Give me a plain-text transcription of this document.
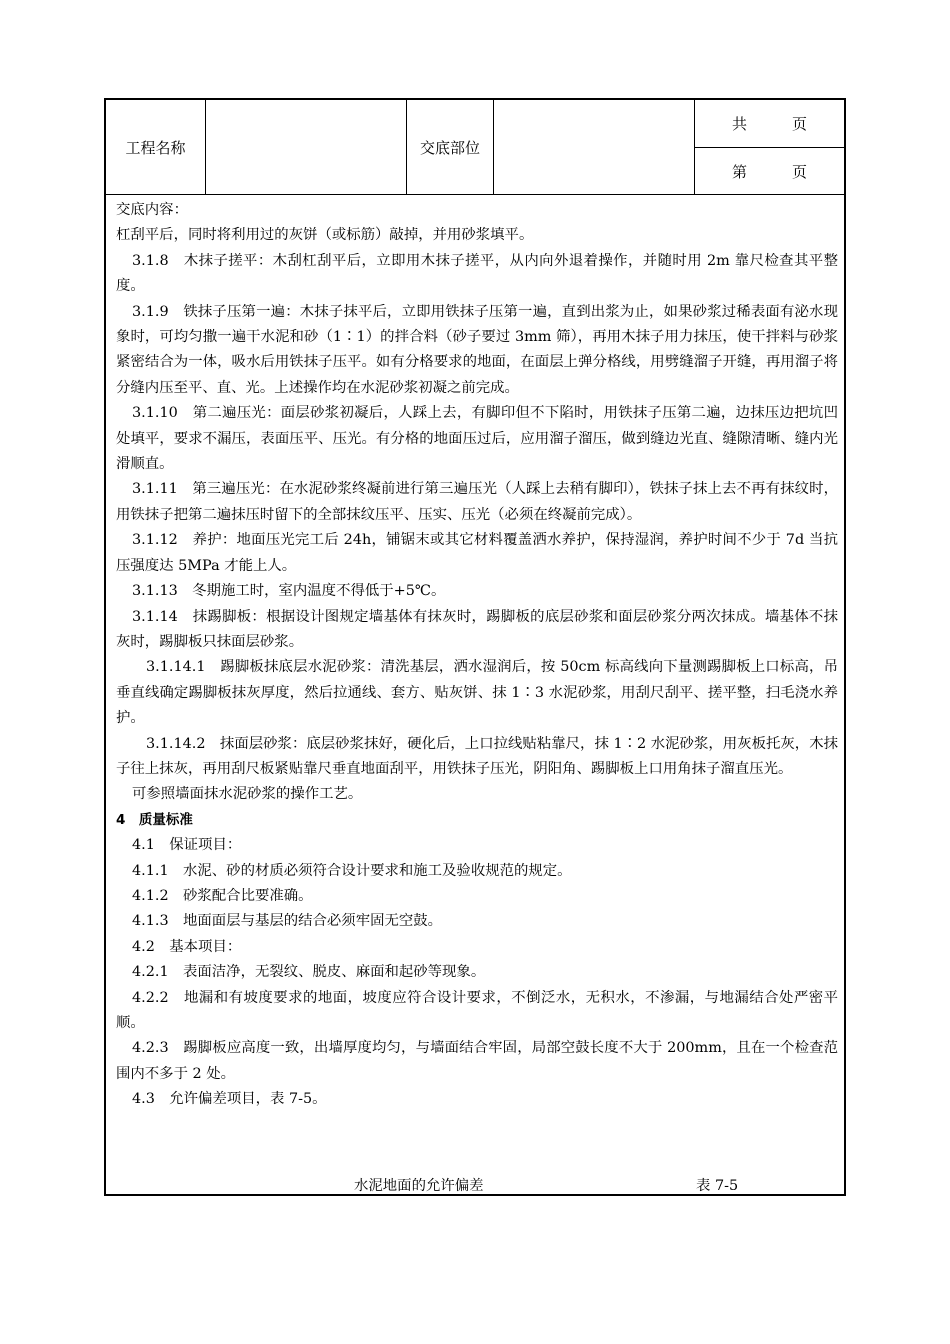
工程名称	交底部位
共　　　页
第　　　页

交底内容：

杠刮平后，同时将利用过的灰饼（或标筋）敲掉，并用砂浆填平。

3.1.8　木抹子搓平：木刮杠刮平后，立即用木抹子搓平，从内向外退着操作，并随时用 2m 靠尺检查其平整度。

3.1.9　铁抹子压第一遍：木抹子抹平后，立即用铁抹子压第一遍，直到出浆为止，如果砂浆过稀表面有泌水现象时，可均匀撒一遍干水泥和砂（1∶1）的拌合料（砂子要过 3mm 筛），再用木抹子用力抹压，使干拌料与砂浆紧密结合为一体，吸水后用铁抹子压平。如有分格要求的地面，在面层上弹分格线，用劈缝溜子开缝，再用溜子将分缝内压至平、直、光。上述操作均在水泥砂浆初凝之前完成。

3.1.10　第二遍压光：面层砂浆初凝后，人踩上去，有脚印但不下陷时，用铁抹子压第二遍，边抹压边把坑凹处填平，要求不漏压，表面压平、压光。有分格的地面压过后，应用溜子溜压，做到缝边光直、缝隙清晰、缝内光滑顺直。

3.1.11　第三遍压光：在水泥砂浆终凝前进行第三遍压光（人踩上去稍有脚印），铁抹子抹上去不再有抹纹时，用铁抹子把第二遍抹压时留下的全部抹纹压平、压实、压光（必须在终凝前完成）。

3.1.12　养护：地面压光完工后 24h，铺锯末或其它材料覆盖洒水养护，保持湿润，养护时间不少于 7d 当抗压强度达 5MPa 才能上人。

3.1.13　冬期施工时，室内温度不得低于+5℃。

3.1.14　抹踢脚板：根据设计图规定墙基体有抹灰时，踢脚板的底层砂浆和面层砂浆分两次抹成。墙基体不抹灰时，踢脚板只抹面层砂浆。

3.1.14.1　踢脚板抹底层水泥砂浆：清洗基层，洒水湿润后，按 50cm 标高线向下量测踢脚板上口标高，吊垂直线确定踢脚板抹灰厚度，然后拉通线、套方、贴灰饼、抹 1∶3 水泥砂浆，用刮尺刮平、搓平整，扫毛浇水养护。

3.1.14.2　抹面层砂浆：底层砂浆抹好，硬化后，上口拉线贴粘靠尺，抹 1∶2 水泥砂浆，用灰板托灰，木抹子往上抹灰，再用刮尺板紧贴靠尺垂直地面刮平，用铁抹子压光，阴阳角、踢脚板上口用角抹子溜直压光。

可参照墙面抹水泥砂浆的操作工艺。

4　质量标准

4.1　保证项目：

4.1.1　水泥、砂的材质必须符合设计要求和施工及验收规范的规定。

4.1.2　砂浆配合比要准确。

4.1.3　地面面层与基层的结合必须牢固无空鼓。

4.2　基本项目：

4.2.1　表面洁净，无裂纹、脱皮、麻面和起砂等现象。

4.2.2　地漏和有坡度要求的地面，坡度应符合设计要求，不倒泛水，无积水，不渗漏，与地漏结合处严密平顺。

4.2.3　踢脚板应高度一致，出墙厚度均匀，与墙面结合牢固，局部空鼓长度不大于 200mm，且在一个检查范围内不多于 2 处。

4.3　允许偏差项目，表 7-5。

水泥地面的允许偏差	表 7-5
